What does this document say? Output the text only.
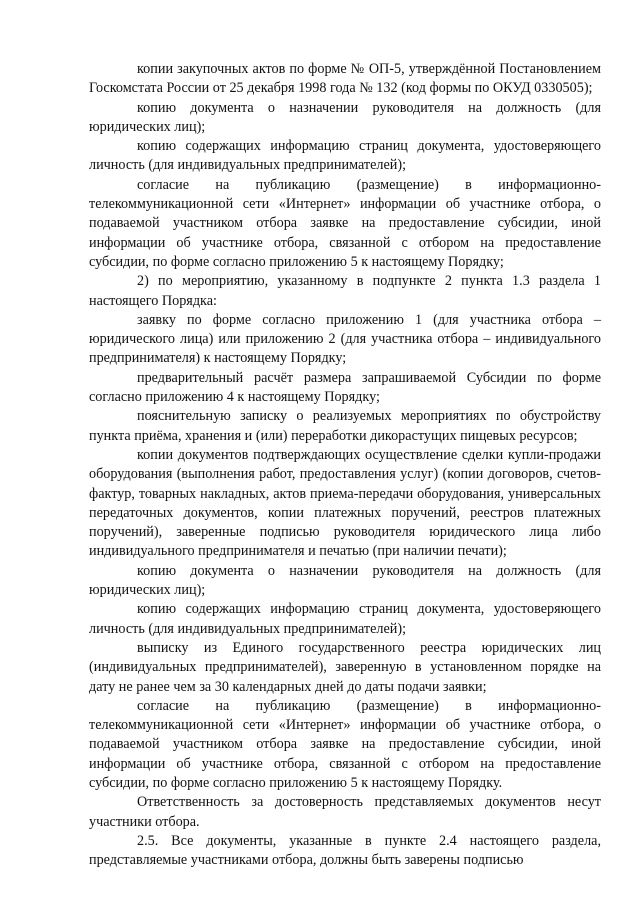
копии закупочных актов по форме № ОП-5, утверждённой Постановлением Госкомстата России от 25 декабря 1998 года № 132 (код формы по ОКУД 0330505);

копию документа о назначении руководителя на должность (для юридических лиц);

копию содержащих информацию страниц документа, удостоверяющего личность (для индивидуальных предпринимателей);

согласие на публикацию (размещение) в информационно-телекоммуникационной сети «Интернет» информации об участнике отбора, о подаваемой участником отбора заявке на предоставление субсидии, иной информации об участнике отбора, связанной с отбором на предоставление субсидии, по форме согласно приложению 5 к настоящему Порядку;

2) по мероприятию, указанному в подпункте 2 пункта 1.3 раздела 1 настоящего Порядка:

заявку по форме согласно приложению 1 (для участника отбора – юридического лица) или приложению 2 (для участника отбора – индивидуального предпринимателя) к настоящему Порядку;

предварительный расчёт размера запрашиваемой Субсидии по форме согласно приложению 4 к настоящему Порядку;

пояснительную записку о реализуемых мероприятиях по обустройству пункта приёма, хранения и (или) переработки дикорастущих пищевых ресурсов;

копии документов подтверждающих осуществление сделки купли-продажи оборудования (выполнения работ, предоставления услуг) (копии договоров, счетов-фактур, товарных накладных, актов приема-передачи оборудования, универсальных передаточных документов, копии платежных поручений, реестров платежных поручений), заверенные подписью руководителя юридического лица либо индивидуального предпринимателя и печатью (при наличии печати);

копию документа о назначении руководителя на должность (для юридических лиц);

копию содержащих информацию страниц документа, удостоверяющего личность (для индивидуальных предпринимателей);

выписку из Единого государственного реестра юридических лиц (индивидуальных предпринимателей), заверенную в установленном порядке на дату не ранее чем за 30 календарных дней до даты подачи заявки;

согласие на публикацию (размещение) в информационно-телекоммуникационной сети «Интернет» информации об участнике отбора, о подаваемой участником отбора заявке на предоставление субсидии, иной информации об участнике отбора, связанной с отбором на предоставление субсидии, по форме согласно приложению 5 к настоящему Порядку.

Ответственность за достоверность представляемых документов несут участники отбора.

2.5. Все документы, указанные в пункте 2.4 настоящего раздела, представляемые участниками отбора, должны быть заверены подписью
